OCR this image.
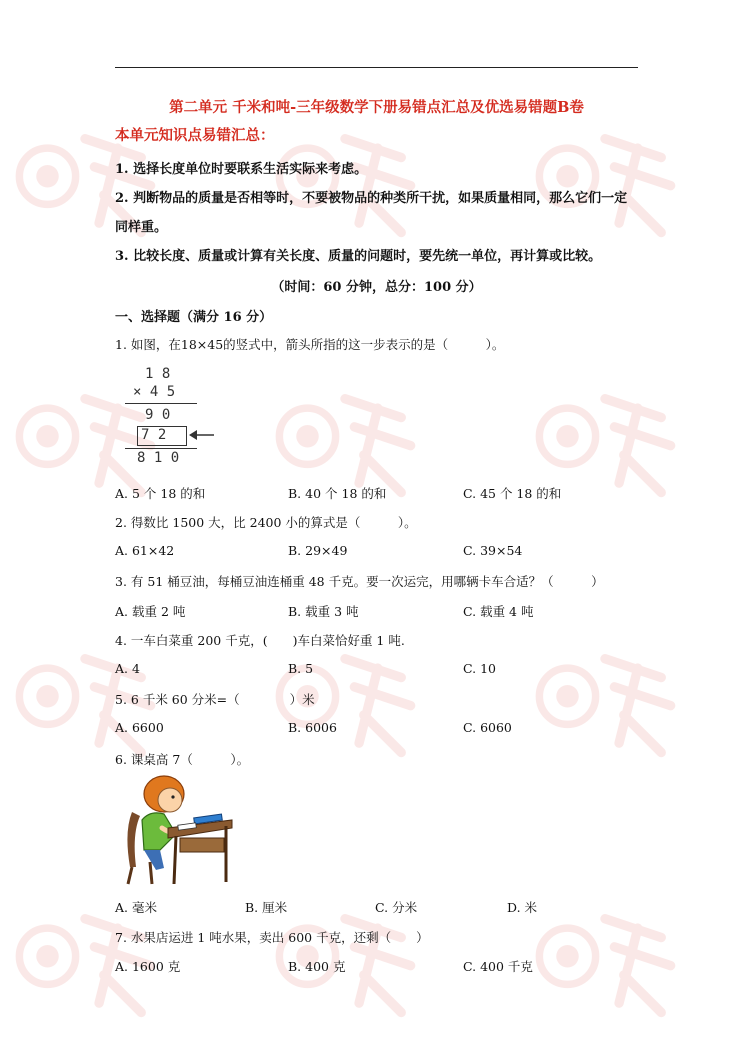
第二单元 千米和吨-三年级数学下册易错点汇总及优选易错题B卷
本单元知识点易错汇总：
1. 选择长度单位时要联系生活实际来考虑。
2. 判断物品的质量是否相等时，不要被物品的种类所干扰，如果质量相同，那么它们一定
同样重。
3. 比较长度、质量或计算有关长度、质量的问题时，要先统一单位，再计算或比较。
（时间：60 分钟，总分：100 分）
一、选择题（满分 16 分）
1. 如图，在18×45的竖式中，箭头所指的这一步表示的是（　　　）。
1 8
× 4 5
9 0
7 2
8 1 0
A. 5 个 18 的和	B. 40 个 18 的和	C. 45 个 18 的和
2. 得数比 1500 大，比 2400 小的算式是（　　　）。
A. 61×42	B. 29×49	C. 39×54
3. 有 51 桶豆油，每桶豆油连桶重 48 千克。要一次运完，用哪辆卡车合适？（　　　）
A. 载重 2 吨	B. 载重 3 吨	C. 载重 4 吨
4. 一车白菜重 200 千克，(　　)车白菜恰好重 1 吨.
A. 4	B. 5	C. 10
5. 6 千米 60 分米=（　　　　）米
A. 6600	B. 6006	C. 6060
6. 课桌高 7（　　　）。
A. 毫米	B. 厘米	C. 分米	D. 米
7. 水果店运进 1 吨水果，卖出 600 千克，还剩（　　）
A. 1600 克	B. 400 克	C. 400 千克
